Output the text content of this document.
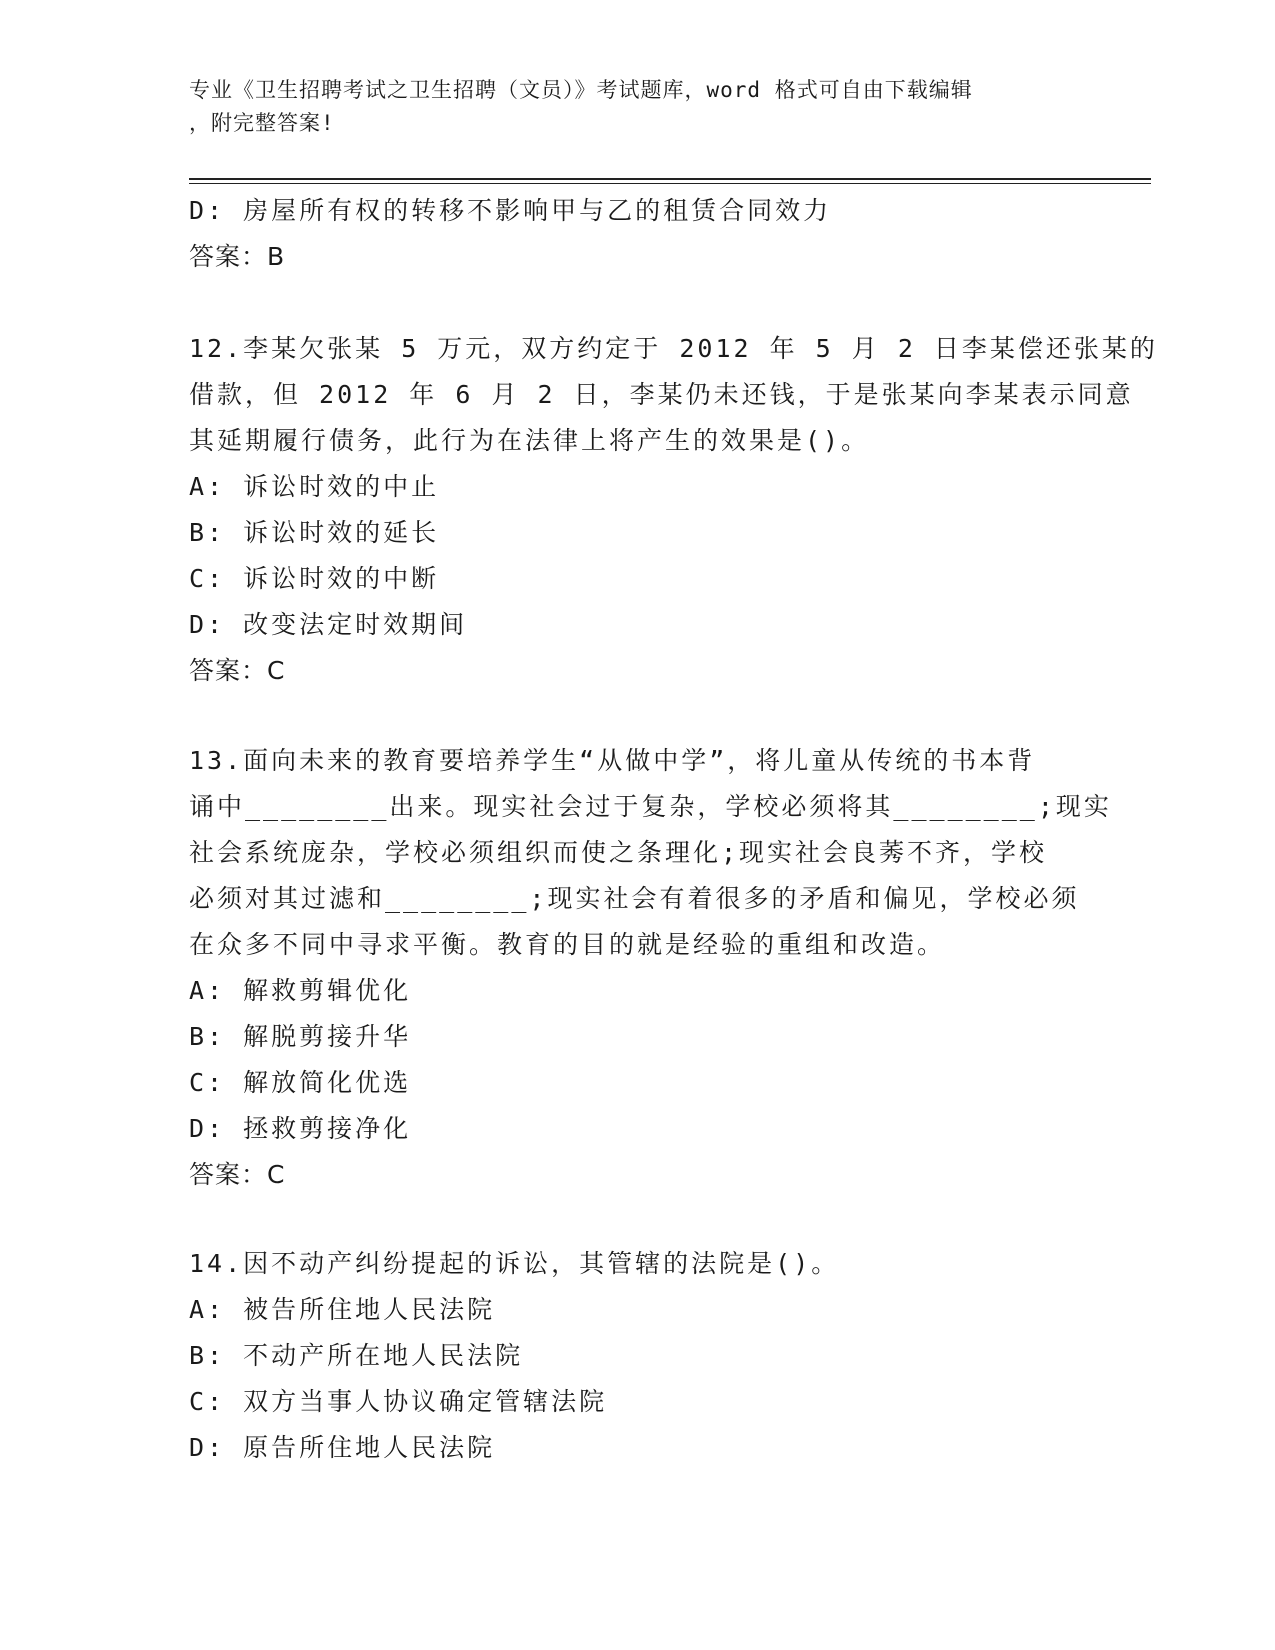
专业《卫生招聘考试之卫生招聘（文员）》考试题库，word 格式可自由下载编辑
，附完整答案!
D: 房屋所有权的转移不影响甲与乙的租赁合同效力
答案：B
12.李某欠张某 5 万元，双方约定于 2012 年 5 月 2 日李某偿还张某的
借款，但 2012 年 6 月 2 日，李某仍未还钱，于是张某向李某表示同意
其延期履行债务，此行为在法律上将产生的效果是()。
A: 诉讼时效的中止
B: 诉讼时效的延长
C: 诉讼时效的中断
D: 改变法定时效期间
答案：C
13.面向未来的教育要培养学生“从做中学”，将儿童从传统的书本背
诵中________出来。现实社会过于复杂，学校必须将其________;现实
社会系统庞杂，学校必须组织而使之条理化;现实社会良莠不齐，学校
必须对其过滤和________;现实社会有着很多的矛盾和偏见，学校必须
在众多不同中寻求平衡。教育的目的就是经验的重组和改造。
A: 解救剪辑优化
B: 解脱剪接升华
C: 解放简化优选
D: 拯救剪接净化
答案：C
14.因不动产纠纷提起的诉讼，其管辖的法院是()。
A: 被告所住地人民法院
B: 不动产所在地人民法院
C: 双方当事人协议确定管辖法院
D: 原告所住地人民法院
